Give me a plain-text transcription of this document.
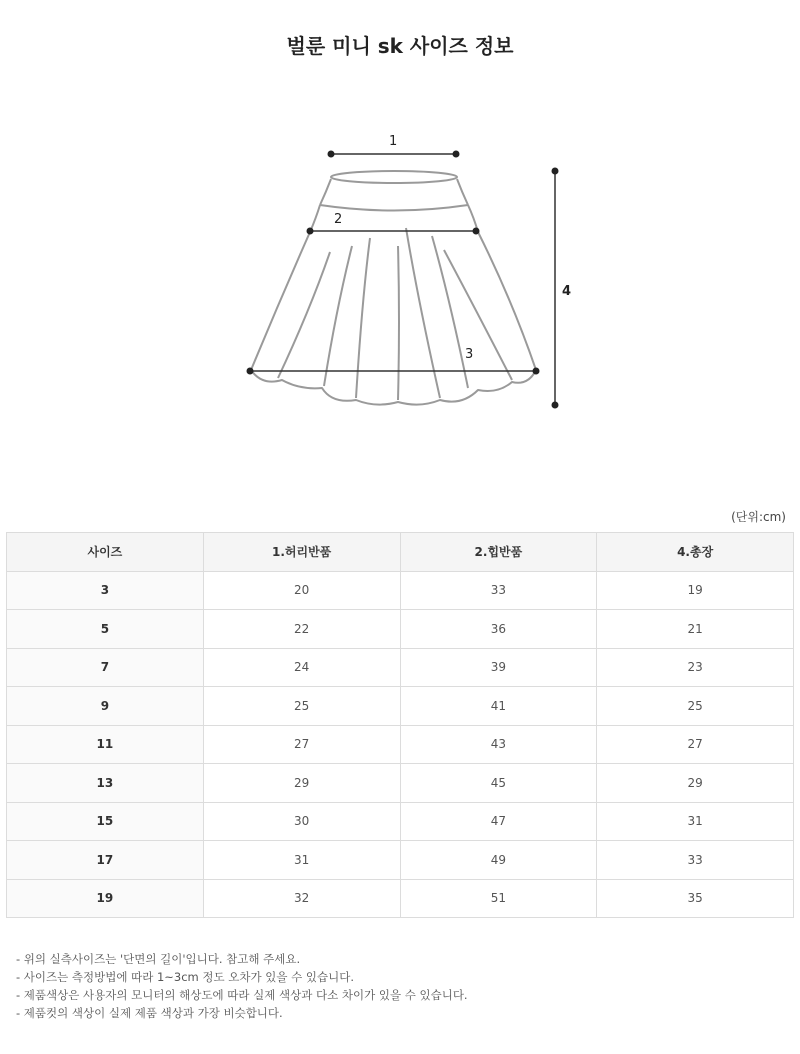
벌룬 미니 sk 사이즈 정보
1
2
3
4
(단위:cm)
사이즈	1.허리반품	2.힙반품	4.총장
3	20	33	19
5	22	36	21
7	24	39	23
9	25	41	25
11	27	43	27
13	29	45	29
15	30	47	31
17	31	49	33
19	32	51	35
- 위의 실측사이즈는 '단면의 길이'입니다. 참고해 주세요.
- 사이즈는 측정방법에 따라 1~3cm 정도 오차가 있을 수 있습니다.
- 제품색상은 사용자의 모니터의 해상도에 따라 실제 색상과 다소 차이가 있을 수 있습니다.
- 제품컷의 색상이 실제 제품 색상과 가장 비슷합니다.
